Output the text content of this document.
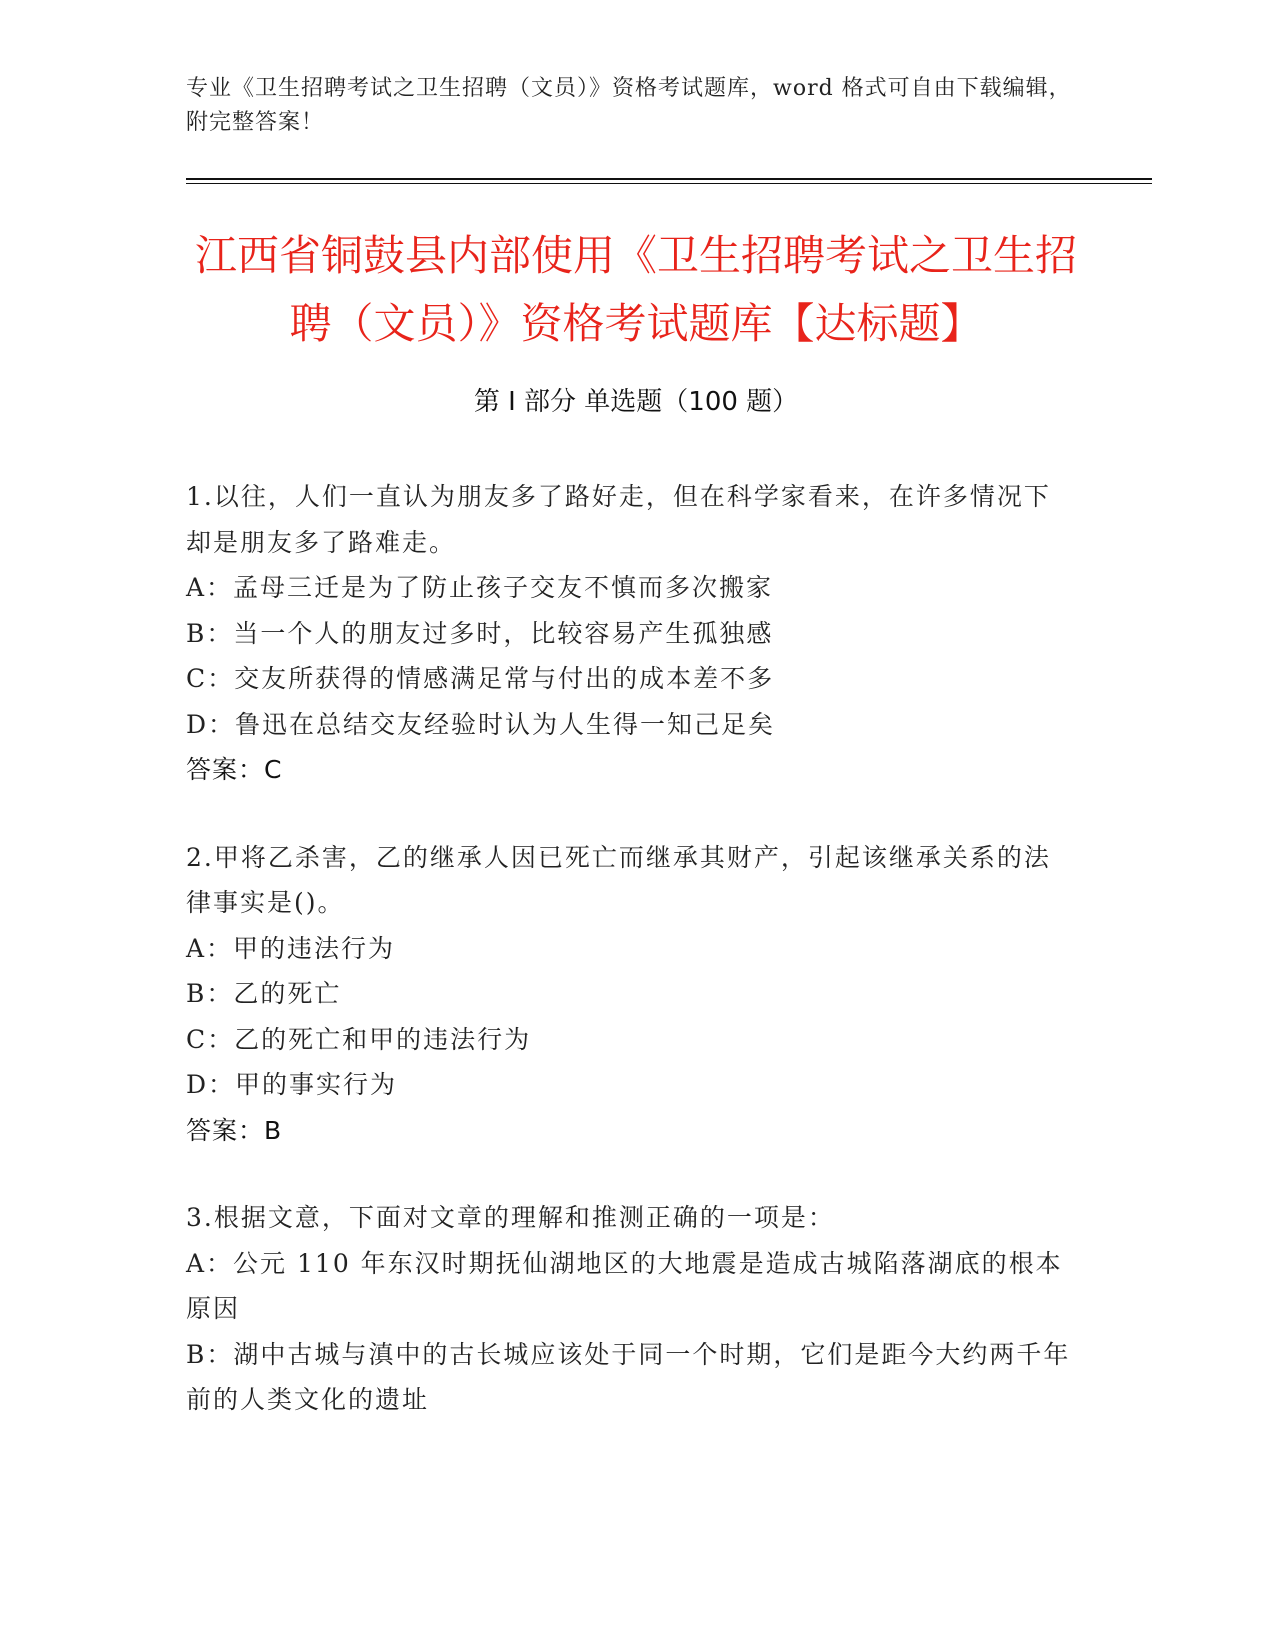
专业《卫生招聘考试之卫生招聘（文员）》资格考试题库，word 格式可自由下载编辑，附完整答案！
江西省铜鼓县内部使用《卫生招聘考试之卫生招聘（文员）》资格考试题库【达标题】
第 I 部分 单选题（100 题）

1.以往，人们一直认为朋友多了路好走，但在科学家看来，在许多情况下却是朋友多了路难走。

A：孟母三迁是为了防止孩子交友不慎而多次搬家

B：当一个人的朋友过多时，比较容易产生孤独感

C：交友所获得的情感满足常与付出的成本差不多

D：鲁迅在总结交友经验时认为人生得一知己足矣

答案：C

2.甲将乙杀害，乙的继承人因已死亡而继承其财产，引起该继承关系的法律事实是()。

A：甲的违法行为

B：乙的死亡

C：乙的死亡和甲的违法行为

D：甲的事实行为

答案：B

3.根据文意，下面对文章的理解和推测正确的一项是：

A：公元 110 年东汉时期抚仙湖地区的大地震是造成古城陷落湖底的根本原因

B：湖中古城与滇中的古长城应该处于同一个时期，它们是距今大约两千年前的人类文化的遗址
